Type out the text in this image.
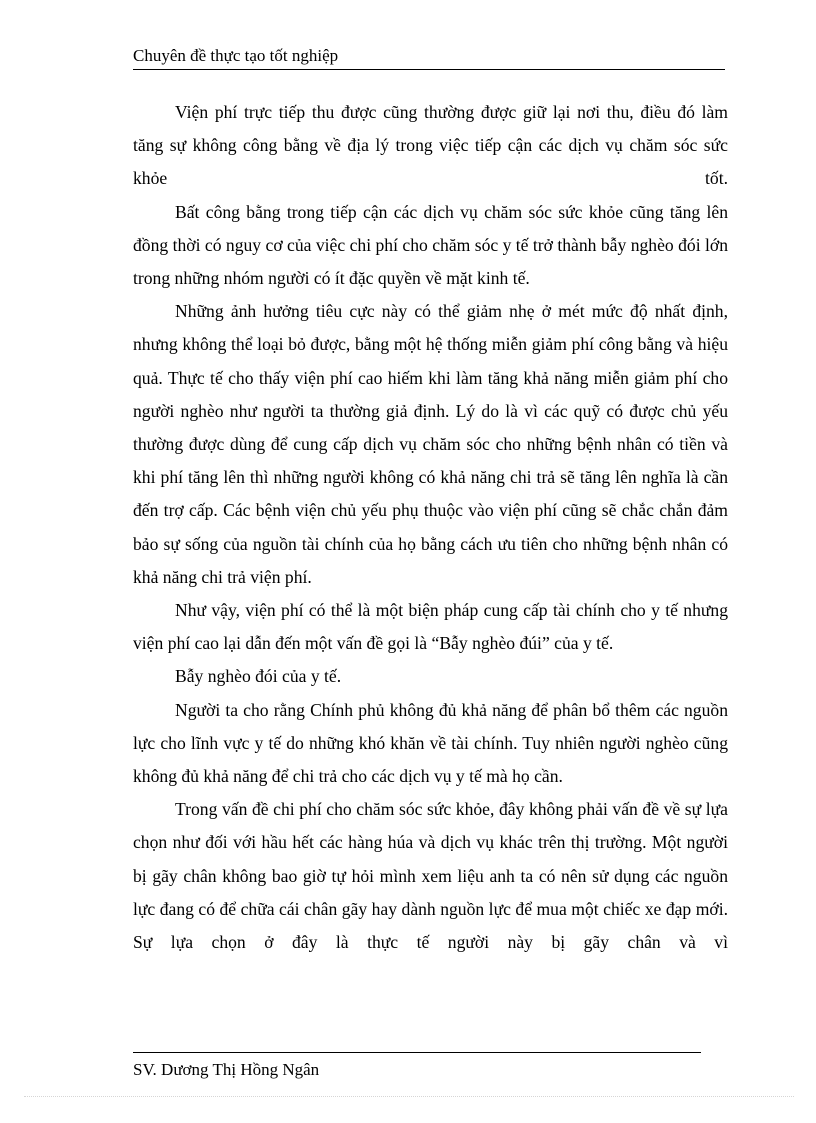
Chuyên đề thực tạo tốt nghiệp

Viện phí trực tiếp thu được cũng thường được giữ lại nơi thu, điều đó làm tăng sự không công bằng về địa lý trong việc tiếp cận các dịch vụ chăm sóc sức khỏe tốt.

Bất công bằng trong tiếp cận các dịch vụ chăm sóc sức khỏe cũng tăng lên đồng thời có nguy cơ của việc chi phí cho chăm sóc y tế trở thành bẫy nghèo đói lớn trong những nhóm người có ít đặc quyền về mặt kinh tế.

Những ảnh hưởng tiêu cực này có thể giảm nhẹ ở mét mức độ nhất định, nhưng không thể loại bỏ được, bằng một hệ thống miễn giảm phí công bằng và hiệu quả. Thực tế cho thấy viện phí cao hiếm khi làm tăng khả năng miễn giảm phí cho người nghèo như người ta thường giả định. Lý do là vì các quỹ có được chủ yếu thường được dùng để cung cấp dịch vụ chăm sóc cho những bệnh nhân có tiền và khi phí tăng lên thì những người không có khả năng chi trả sẽ tăng lên nghĩa là cần đến trợ cấp. Các bệnh viện chủ yếu phụ thuộc vào viện phí cũng sẽ chắc chắn đảm bảo sự sống của nguồn tài chính của họ bằng cách ưu tiên cho những bệnh nhân có khả năng chi trả viện phí.

Như vậy, viện phí có thể là một biện pháp cung cấp tài chính cho y tế nhưng viện phí cao lại dẫn đến một vấn đề gọi là “Bẫy nghèo đúi” của y tế.

Bẫy nghèo đói của y tế.

Người ta cho rằng Chính phủ không đủ khả năng để phân bổ thêm các nguồn lực cho lĩnh vực y tế do những khó khăn về tài chính. Tuy nhiên người nghèo cũng không đủ khả năng để chi trả cho các dịch vụ y tế mà họ cần.

Trong vấn đề chi phí cho chăm sóc sức khỏe, đây không phải vấn đề về sự lựa chọn như đối với hầu hết các hàng húa và dịch vụ khác trên thị trường. Một người bị gãy chân không bao giờ tự hỏi mình xem liệu anh ta có nên sử dụng các nguồn lực đang có để chữa cái chân gãy hay dành nguồn lực để mua một chiếc xe đạp mới. Sự lựa chọn ở đây là thực tế người này bị gãy chân và vì

SV. Dương Thị Hồng Ngân
